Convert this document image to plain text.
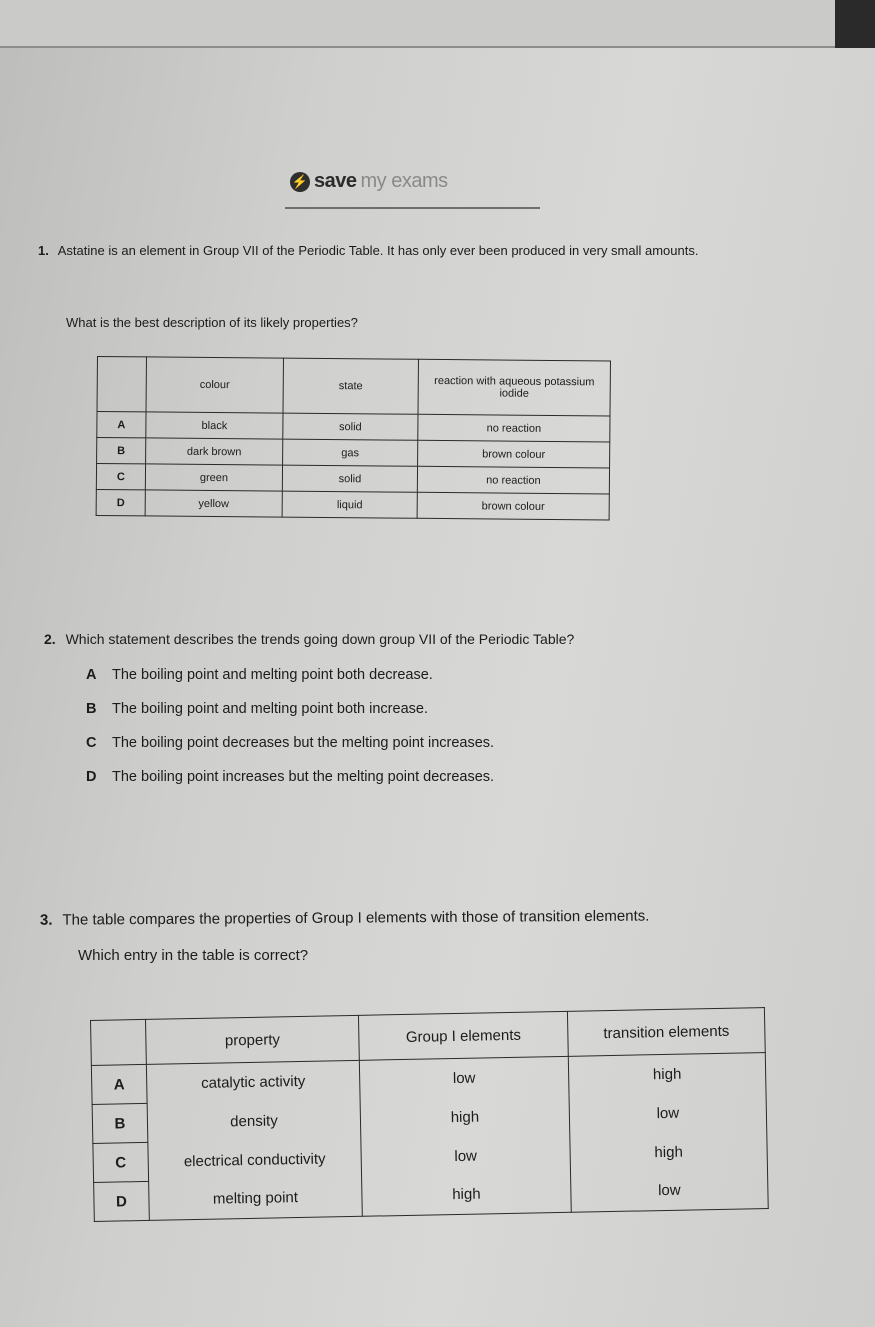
⚡ save my exams
1. Astatine is an element in Group VII of the Periodic Table. It has only ever been produced in very small amounts.
What is the best description of its likely properties?
	colour	state	reaction with aqueous potassium iodide
A	black	solid	no reaction
B	dark brown	gas	brown colour
C	green	solid	no reaction
D	yellow	liquid	brown colour
2. Which statement describes the trends going down group VII of the Periodic Table?
A The boiling point and melting point both decrease.
B The boiling point and melting point both increase.
C The boiling point decreases but the melting point increases.
D The boiling point increases but the melting point decreases.
3. The table compares the properties of Group I elements with those of transition elements.
Which entry in the table is correct?
	property	Group I elements	transition elements
A	catalytic activity	low	high
B	density	high	low
C	electrical conductivity	low	high
D	melting point	high	low
